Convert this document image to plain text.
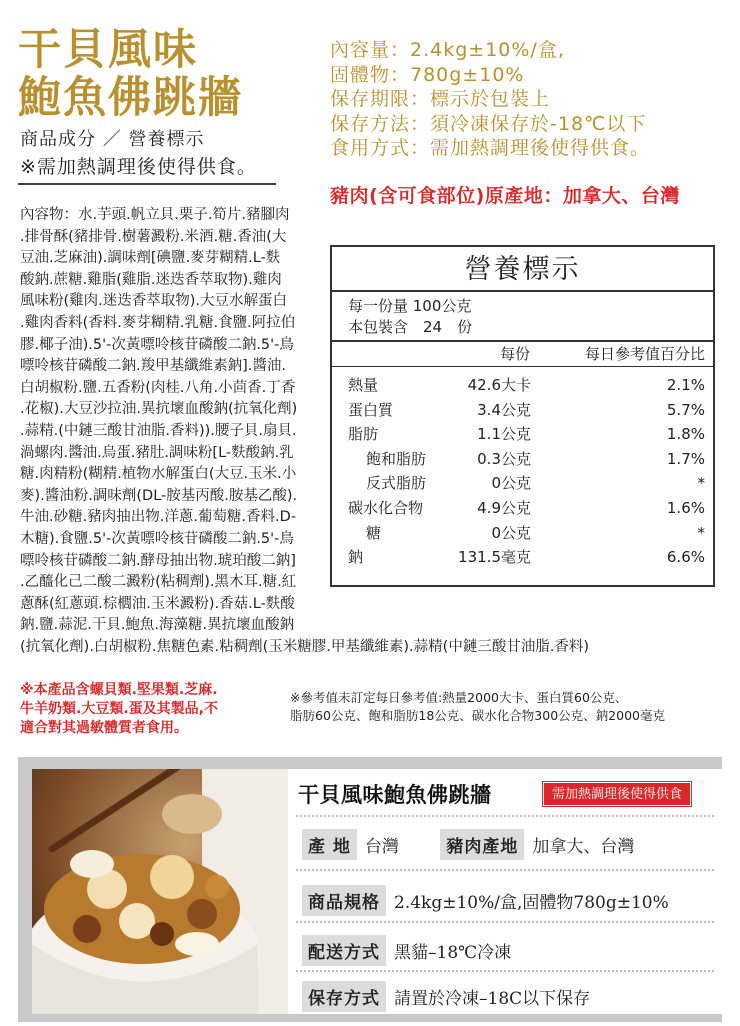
干貝風味
鮑魚佛跳牆
商品成分 ／ 營養標示
※需加熱調理後使得供食。
內容量：2.4kg±10%/盒,
固體物：780g±10%
保存期限：標示於包裝上
保存方法：須冷凍保存於-18℃以下
食用方式：需加熱調理後使得供食。
豬肉(含可食部位)原產地：加拿大、台灣
內容物：水.芋頭.帆立貝.栗子.筍片.豬腳肉
.排骨酥(豬排骨.樹薯澱粉.米酒.糖.香油(大
豆油.芝麻油).調味劑[碘鹽.麥芽糊精.L-麩
酸鈉.蔗糖.雞脂(雞脂.迷迭香萃取物).雞肉
風味粉(雞肉.迷迭香萃取物).大豆水解蛋白
.雞肉香料(香料.麥芽糊精.乳糖.食鹽.阿拉伯
膠.椰子油).5'-次黃嘌呤核苷磷酸二鈉.5'-鳥
嘌呤核苷磷酸二鈉.羧甲基纖維素鈉].醬油.
白胡椒粉.鹽.五香粉(肉桂.八角.小茴香.丁香
.花椒).大豆沙拉油.異抗壞血酸鈉(抗氧化劑)
.蒜精.(中鏈三酸甘油脂.香料)).腰子貝.扇貝.
渦螺肉.醬油.烏蛋.豬肚.調味粉[L-麩酸鈉.乳
糖.肉精粉(糊精.植物水解蛋白(大豆.玉米.小
麥).醬油粉.調味劑(DL-胺基丙酸.胺基乙酸).
牛油.砂糖.豬肉抽出物.洋蔥.葡萄糖.香料.D-
木糖).食鹽.5'-次黃嘌呤核苷磷酸二鈉.5'-鳥
嘌呤核苷磷酸二鈉.酵母抽出物.琥珀酸二鈉]
.乙醯化己二酸二澱粉(粘稠劑).黑木耳.糖.紅
蔥酥(紅蔥頭.棕櫚油.玉米澱粉).香菇.L-麩酸
鈉.鹽.蒜泥.干貝.鮑魚.海藻糖.異抗壞血酸鈉
(抗氧化劑).白胡椒粉.焦糖色素.粘稠劑(玉米糖膠.甲基纖維素).蒜精(中鏈三酸甘油脂.香料)
營養標示
每一份量 100公克
本包裝含　24　份
每份	每日參考值百分比
熱量	42.6大卡	2.1%
蛋白質	3.4公克	5.7%
脂肪	1.1公克	1.8%
飽和脂肪	0.3公克	1.7%
反式脂肪	0公克	*
碳水化合物	4.9公克	1.6%
糖	0公克	*
鈉	131.5毫克	6.6%
※本產品含螺貝類.堅果類.芝麻.
牛羊奶類.大豆類.蛋及其製品,不
適合對其過敏體質者食用。
※參考值未訂定每日參考值:熱量2000大卡、蛋白質60公克、
脂肪60公克、飽和脂肪18公克、碳水化合物300公克、鈉2000毫克
干貝風味鮑魚佛跳牆	需加熱調理後使得供食
產 地 台灣	豬肉產地 加拿大、台灣
商品規格 2.4kg±10%/盒,固體物780g±10%
配送方式 黑貓–18℃冷凍
保存方式 請置於冷凍–18C以下保存
